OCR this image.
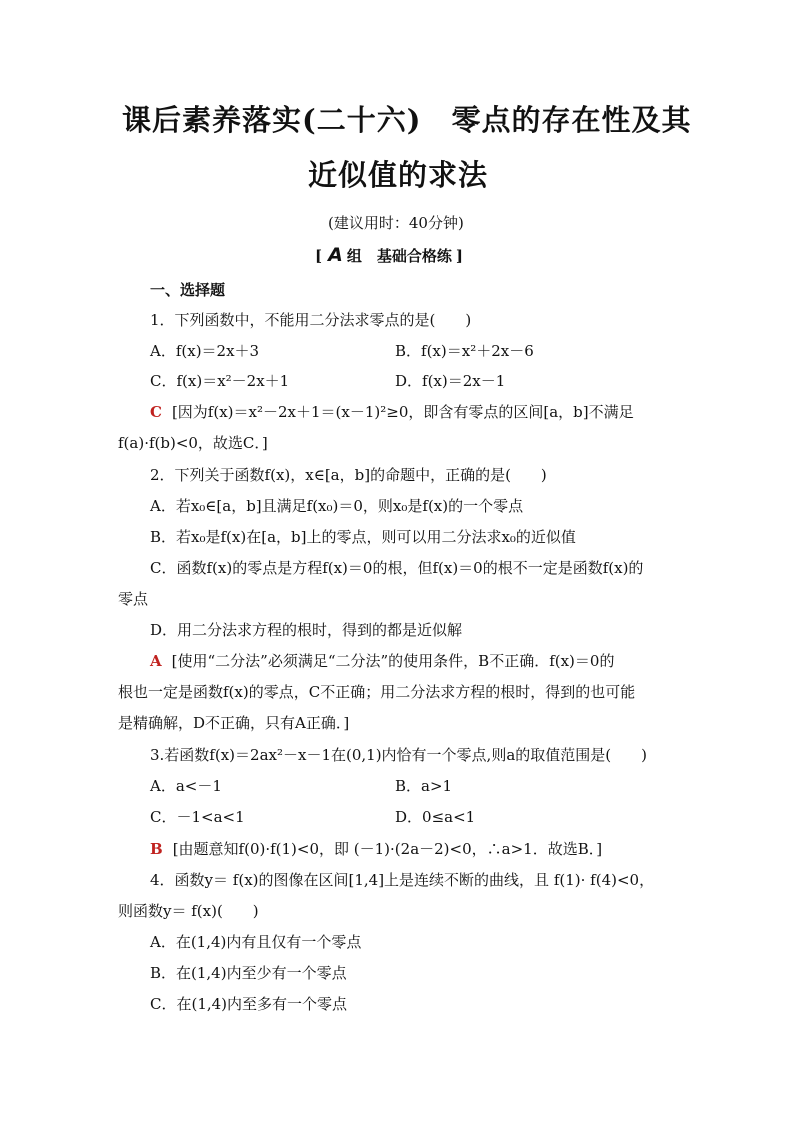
课后素养落实(二十六)　零点的存在性及其
近似值的求法
(建议用时：40分钟)
[ A 组　基础合格练 ]
一、选择题
1．下列函数中，不能用二分法求零点的是(　　)
A．f(x)＝2x＋3	B．f(x)＝x²＋2x－6
C．f(x)＝x²－2x＋1	D．f(x)＝2x－1
C [因为f(x)＝x²－2x＋1＝(x－1)²≥0，即含有零点的区间[a，b]不满足
f(a)·f(b)<0，故选C．]
2．下列关于函数f(x)，x∈[a，b]的命题中，正确的是(　　)
A．若x₀∈[a，b]且满足f(x₀)＝0，则x₀是f(x)的一个零点
B．若x₀是f(x)在[a，b]上的零点，则可以用二分法求x₀的近似值
C．函数f(x)的零点是方程f(x)＝0的根，但f(x)＝0的根不一定是函数f(x)的
零点
D．用二分法求方程的根时，得到的都是近似解
A [使用“二分法”必须满足“二分法”的使用条件，B不正确．f(x)＝0的
根也一定是函数f(x)的零点，C不正确；用二分法求方程的根时，得到的也可能
是精确解，D不正确，只有A正确．]
3.若函数f(x)＝2ax²－x－1在(0,1)内恰有一个零点,则a的取值范围是(　　)
A．a<－1	B．a>1
C．－1<a<1	D．0≤a<1
B [由题意知f(0)·f(1)<0，即 (－1)·(2a－2)<0，∴a>1．故选B．]
4．函数y＝ f(x)的图像在区间[1,4]上是连续不断的曲线，且 f(1)· f(4)<0，
则函数y＝ f(x)(　　)
A．在(1,4)内有且仅有一个零点
B．在(1,4)内至少有一个零点
C．在(1,4)内至多有一个零点
